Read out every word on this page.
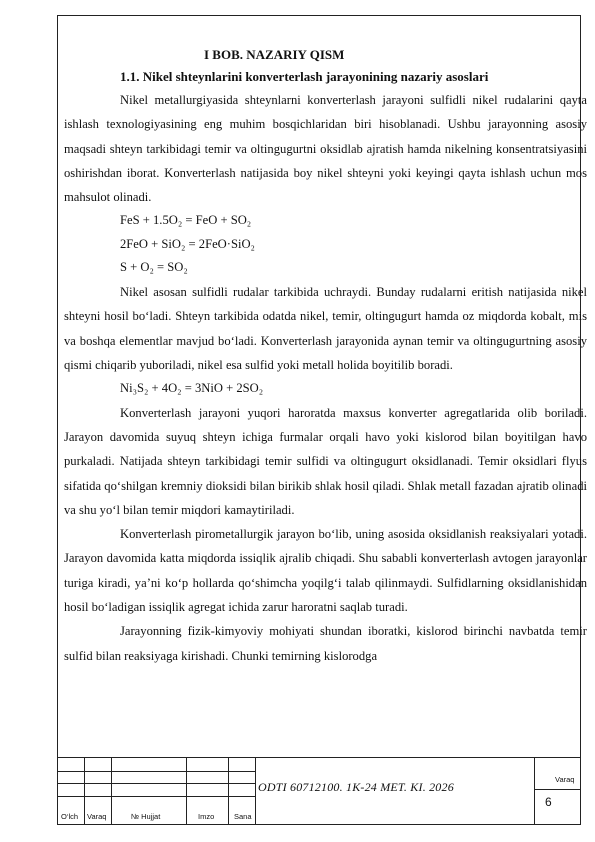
I BOB. NAZARIY QISM

1.1. Nikel shteynlarini konverterlash jarayonining nazariy asoslari

Nikel metallurgiyasida shteynlarni konverterlash jarayoni sulfidli nikel rudalarini qayta ishlash texnologiyasining eng muhim bosqichlaridan biri hisoblanadi. Ushbu jarayonning asosiy maqsadi shteyn tarkibidagi temir va oltingugurtni oksidlab ajratish hamda nikelning konsentratsiyasini oshirishdan iborat. Konverterlash natijasida boy nikel shteyni yoki keyingi qayta ishlash uchun mos mahsulot olinadi.

FeS + 1.5O₂ = FeO + SO₂

2FeO + SiO₂ = 2FeO·SiO₂

S + O₂ = SO₂

Nikel asosan sulfidli rudalar tarkibida uchraydi. Bunday rudalarni eritish natijasida nikel shteyni hosil bo‘ladi. Shteyn tarkibida odatda nikel, temir, oltingugurt hamda oz miqdorda kobalt, mis va boshqa elementlar mavjud bo‘ladi. Konverterlash jarayonida aynan temir va oltingugurtning asosiy qismi chiqarib yuboriladi, nikel esa sulfid yoki metall holida boyitilib boradi.

Ni₃S₂ + 4O₂ = 3NiO + 2SO₂

Konverterlash jarayoni yuqori haroratda maxsus konverter agregatlarida olib boriladi. Jarayon davomida suyuq shteyn ichiga furmalar orqali havo yoki kislorod bilan boyitilgan havo purkaladi. Natijada shteyn tarkibidagi temir sulfidi va oltingugurt oksidlanadi. Temir oksidlari flyus sifatida qo‘shilgan kremniy dioksidi bilan birikib shlak hosil qiladi. Shlak metall fazadan ajratib olinadi va shu yo‘l bilan temir miqdori kamaytiriladi.

Konverterlash pirometallurgik jarayon bo‘lib, uning asosida oksidlanish reaksiyalari yotadi. Jarayon davomida katta miqdorda issiqlik ajralib chiqadi. Shu sababli konverterlash avtogen jarayonlar turiga kiradi, ya’ni ko‘p hollarda qo‘shimcha yoqilg‘i talab qilinmaydi. Sulfidlarning oksidlanishidan hosil bo‘ladigan issiqlik agregat ichida zarur haroratni saqlab turadi.

Jarayonning fizik-kimyoviy mohiyati shundan iboratki, kislorod birinchi navbatda temir sulfid bilan reaksiyaga kirishadi. Chunki temirning kislorodga

O‘lch Varaq	№ Hujjat	Imzo	Sana
ODTI 60712100. 1K-24 MET. KI. 2026
Varaq
6
